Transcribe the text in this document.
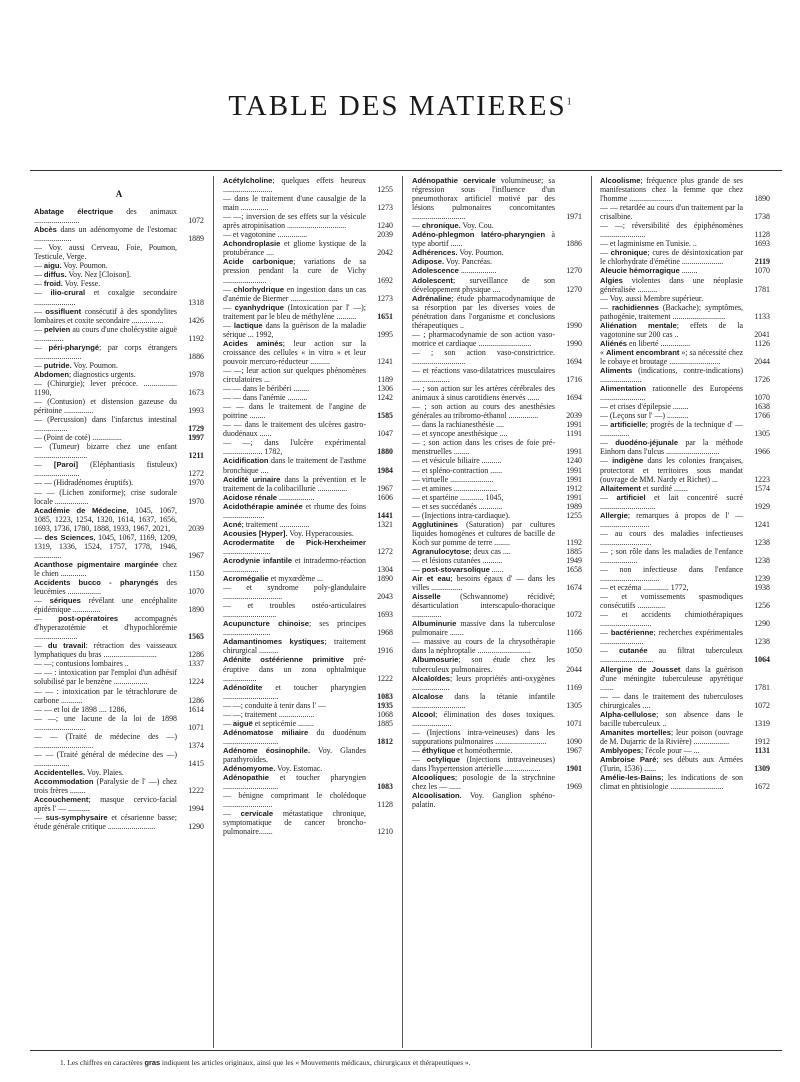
TABLE DES MATIERES$^1$
A
Abatage électrique des animaux .......................	1072
Abcès dans un adénomyome de l'estomac ...................	1889
— Voy. aussi Cerveau, Foie, Poumon, Testicule, Verge.
— aigu. Voy. Poumon.
— diffus. Voy. Nez [Cloison].
— froid. Voy. Fesse.
— ilio-crural et coxalgie secondaire .....................	1318
— ossifluent consécutif à des spondylites lombaires et coxite secondaire ................	1426
— pelvien au cours d'une cholécystite aiguë ...............	1192
— péri-pharyngé; par corps étrangers ........................	1886
— putride. Voy. Poumon.
Abdomen; diagnostics urgents.	1978
— (Chirurgie); lever précoce. ................. 1190,	1673
— (Contusion) et distension gazeuse du péritoine ...............	1993
— (Percussion) dans l'infarctus intestinal .................	1729
— (Point de coté) ...............	1997
— (Tumeur) bizarre chez une enfant ...........................	1211
— [Paroi] (Eléphantiasis fistuleux) .......................	1272
— — (Hidradénomes éruptifs).	1970
— — (Lichen zoniforme); crise sudorale locale .................	1970
Académie de Médecine, 1045, 1067, 1085, 1223, 1254, 1320, 1614, 1637, 1656, 1693, 1736, 1780, 1888, 1933, 1967, 2021,	2039
— des Sciences, 1045, 1067, 1169, 1209, 1319, 1336, 1524, 1757, 1778, 1946, ..............	1967
Acanthose pigmentaire marginée chez le chien .............	1150
Accidents bucco - pharyngés des leucémies .................	1070
— sériques révélant une encéphalite épidémique ..............	1890
— post-opératoires accompagnés d'hyperazotémie et d'hypochlorémie ......................	1565
— du travail: rétraction des vaisseaux lymphatiques du bras ...........................	1286
— —; contusions lombaires ..	1337
— — : intoxication par l'emploi d'un adhésif solubilisé par le benzène .................	1224
— — : intoxication par le tétrachlorure de carbone ...........	1286
— — et loi de 1898 .... 1286,	1614
— —; une lacune de la loi de 1898 ..........................	1071
— — (Traité de médecine des —) ..............................	1374
— — (Traité général de médecine des —) ..................	1415
Accidentelles. Voy. Plaies.
Accommodation (Paralysie de l' —) chez trois frères ........	1222
Accouchement; masque cervico-facial après l' — ...........	1994
— sus-symphysaire et césarienne basse; étude générale critique ........................	1290
Acétylcholine; quelques effets heureux .........................	1255
— dans le traitement d'une causalgie de la main ..............	1273
— —; inversion de ses effets sur la vésicule après atropinisation ..............................	1240
— et vagotonine ...............	2039
Achondroplasie et gliome kystique de la protubérance ....	2042
Acide carbonique; variations de sa pression pendant la cure de Vichy ......................	1692
— chlorhydrique en ingestion dans un cas d'anémie de Biermer ........................	1273
— cyanhydrique (Intoxication par l' —); traitement par le bleu de méthylène ..........	1651
— lactique dans la guérison de la maladie sérique ... 1992,	1995
Acides aminés; leur action sur la croissance des cellules « in vitro » et leur pouvoir mercuro-réducteur ..........	1241
— —; leur action sur quelques phénomènes circulatoires ...	1189
— — dans le béribéri ........	1306
— — dans l'anémie ..........	1242
— — dans le traitement de l'angine de poitrine ........	1585
— — dans le traitement des ulcères gastro-duodénaux ......	1047
— —; dans l'ulcère expérimental .................... 1782,	1880
Acidification dans le traitement de l'asthme bronchique ....	1984
Acidité urinaire dans la prévention et le traitement de la colibacillurie ...............	1967
Acidose rénale ..................	1606
Acidothérapie aminée et rhume des foins .....................	1441
Acné; traitement ...............	1321
Acousies [Hyper]. Voy. Hyperacousies.
Acrodermatite de Pick-Herxheimer ........................	1272
Acrodynie infantile et intradermo-réaction ..................	1304
Acromégalie et myxœdème ...	1890
— et syndrome poly-glandulaire ..............................	2043
— et troubles ostéo-articulaires ...........................	1693
Acupuncture chinoise; ses principes ........................	1968
Adamantinomes kystiques; traitement chirurgical ..........	1916
Adénite ostéérienne primitive pré-éruptive dans un zona ophtalmique .................	1222
Adénoïdite et toucher pharyngien ............................	1083
— —; conduite à tenir dans l' —	1935
— —; traitement ..................	1068
— aiguë et septicémie ........	1885
Adénomatose miliaire du duodénum ............................	1812
Adénome éosinophile. Voy. Glandes parathyroïdes.
Adénomyome. Voy. Estomac.
Adénopathie et toucher pharyngien ............................	1083
— bénigne comprimant le cholédoque .........................	1128
— cervicale métastatique chronique, symptomatique de cancer broncho-pulmonaire.......	1210
Adénopathie cervicale volumineuse; sa régression sous l'influence d'un pneumothorax artificiel motivé par des lésions pulmonaires concomitantes ...........................	1971
— chronique. Voy. Cou.
Adéno-phlegmon latéro-pharyngien à type abortif ......	1886
Adhérences. Voy. Poumon.
Adipose. Voy. Pancréas.
Adolescence ..................	1270
Adolescent; surveillance de son développement physique ....	1270
Adrénaline; étude pharmacodynamique de sa résorption par les diverses voies de pénétration dans l'organisme et conclusions thérapeutiques ..	1990
— ; pharmacodynamie de son action vaso-motrice et cardiaque ...........................	1990
— ; son action vaso-constrictrice. ...........................	1694
— et réactions vaso-dilatatrices musculaires ...................	1716
— ; son action sur les artères cérébrales des animaux à sinus carotidiens énervés ......	1694
— ; son action au cours des anesthésies générales au tribromo-éthanol ...............	2039
— dans la rachianesthésie ....	1991
— et syncope anesthésique ....	1191
— ; son action dans les crises de foie pré-menstruelles ........	1991
— et vésicule biliaire ..........	1240
— et spléno-contraction ......	1991
— virtuelle ......................	1991
— et amines ......................	1912
— et spartéine ............ 1045,	1991
— et ses succédanés ............	1989
— (Injections intra-cardiaque).	1255
Agglutinines (Saturation) par cultures liquides homogènes et cultures de bacille de Koch sur pomme de terre ........	1192
Agranulocytose; deux cas ....	1885
— et lésions cutanées ..........	1949
— post-stovarsolique ......	1658
Air et eau; besoins égaux d' — dans les villes ................	1674
Aisselle (Schwannome) récidivé; désarticulation interscapulo-thoracique ...............	1072
Albuminurie massive dans la tuberculose pulmonaire .......	1166
— massive au cours de la chrysothérapie dans la néphroptalie ...........................	1050
Albumosurie; son étude chez les tuberculeux pulmonaires.	2044
Alcaloïdes; leurs propriétés anti-oxygènes ...................	1169
Alcalose dans la tétanie infantile ...........................	1305
Alcool; élimination des doses toxiques. ....................	1071
— (Injections intra-veineuses) dans les suppurations pulmonaires ..........................	1090
— éthylique et homéothermie.	1967
— octylique (Injections intraveineuses) dans l'hypertension artérielle ..................	1901
Alcooliques; posologie de la strychnine chez les — ......	1969
Alcoolisation. Voy. Ganglion sphéno-palatin.
Alcoolisme; fréquence plus grande de ses manifestations chez la femme que chez l'homme ......................	1890
— — retardée au cours d'un traitement par la crisalbine.	1738
— —; réversibilité des épiphénomènes .......................	1128
— et lagminisme en Tunisie. ..	1693
— chronique; cures de désintoxication par le chlorhydrate d'émétine .....................	2119
Aleucie hémorragique ........	1070
Algies violentes dans une néoplasie généralisée ..........	1781
— Voy. aussi Membre supérieur.
— rachidiennes (Backache); symptômes, pathogénie, traitement ...........................	1133
Aliénation mentale; effets de la vagotonine sur 200 cas ..	2041
Aliénés en liberté ...............	1126
« Aliment encombrant »; sa nécessité chez le cobaye et broutage ..........................	2044
Aliments (indications, contre-indications) .....................	1726
Alimentation rationnelle des Européens .......................	1070
— et crises d'épilepsie ........	1638
— (Leçons sur l' —) ...........	1766
— artificielle; progrès de la technique d' — ...............	1305
— duodéno-jéjunale par la méthode Einhorn dans l'ulcus ...........................	1966
— indigène dans les colonies françaises, protectorat et territoires sous mandat (ouvrage de MM. Nardy et Richet) ...	1223
Allaitement et surdité .......	1574
— artificiel et lait concentré sucré ............................	1929
Allergie; remarques à propos de l' — .........................	1241
— au cours des maladies infectieuses ..........................	1238
— ; son rôle dans les maladies de l'enfance ...................	1238
— non infectieuse dans l'enfance ..............................	1239
— et eczéma ............. 1772,	1938
— et vomissements spasmodiques consécutifs ..............	1256
— et accidents chimiothérapiques ..........................	1290
— bactérienne; recherches expérimentales ......................	1238
— cutanée au filtrat tuberculeux ...........................	1064
Allergine de Jousset dans la guérison d'une méningite tuberculeuse apyrétique .......	1781
— — dans le traitement des tuberculoses chirurgicales ....	1072
Alpha-cellulose; son absence dans le bacille tuberculeux ..	1319
Amanites mortelles; leur poison (ouvrage de M. Dujarric de la Rivière) ..................	1912
Amblyopes; l'école pour — ...	1131
Ambroise Paré; ses débuts aux Armées (Turin, 1536) ......	1309
Amélie-les-Bains; les indications de son climat en phtisiologie ...........................	1672
1. Les chiffres en caractères gras indiquent les articles originaux, ainsi que les « Mouvements médicaux, chirurgicaux et thérapeutiques ».
